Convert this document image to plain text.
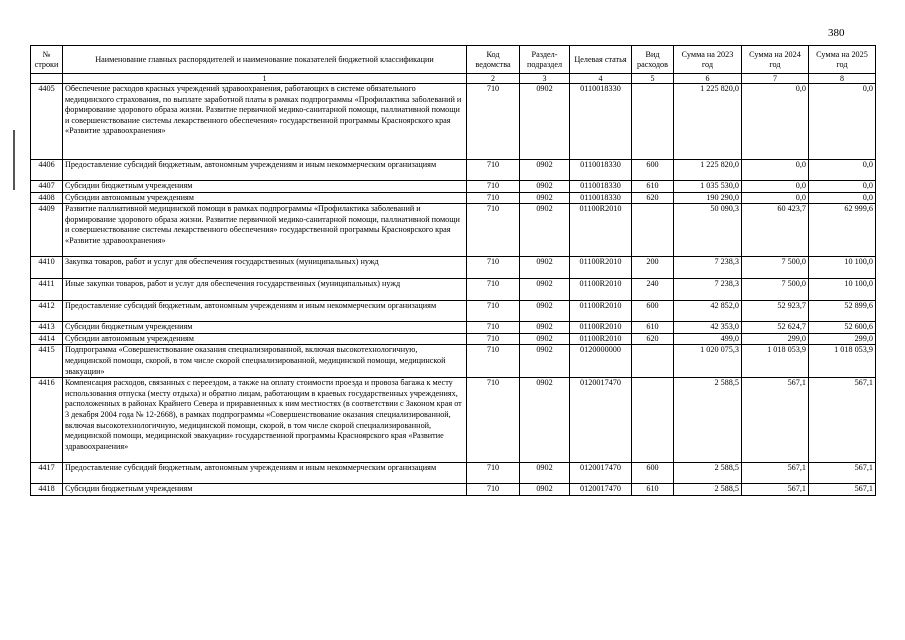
380
№ строки	Наименование главных распорядителей и наименование показателей бюджетной классификации	Код ведомства	Раздел-подраздел	Целевая статья	Вид расходов	Сумма на 2023 год	Сумма на 2024 год	Сумма на 2025 год
	1	2	3	4	5	6	7	8
4405	Обеспечение расходов красных учреждений здравоохранения, работающих в системе обязательного медицинского страхования, по выплате заработной платы в рамках подпрограммы «Профилактика заболеваний и формирование здорового образа жизни. Развитие первичной медико-санитарной помощи, паллиативной помощи и совершенствование системы лекарственного обеспечения» государственной программы Красноярского края «Развитие здравоохранения»	710	0902	0110018330		1 225 820,0	0,0	0,0
4406	Предоставление субсидий бюджетным, автономным учреждениям и иным некоммерческим организациям	710	0902	0110018330	600	1 225 820,0	0,0	0,0
4407	Субсидии бюджетным учреждениям	710	0902	0110018330	610	1 035 530,0	0,0	0,0
4408	Субсидии автономным учреждениям	710	0902	0110018330	620	190 290,0	0,0	0,0
4409	Развитие паллиативной медицинской помощи в рамках подпрограммы «Профилактика заболеваний и формирование здорового образа жизни. Развитие первичной медико-санитарной помощи, паллиативной помощи и совершенствование системы лекарственного обеспечения» государственной программы Красноярского края «Развитие здравоохранения»	710	0902	01100R2010		50 090,3	60 423,7	62 999,6
4410	Закупка товаров, работ и услуг для обеспечения государственных (муниципальных) нужд	710	0902	01100R2010	200	7 238,3	7 500,0	10 100,0
4411	Иные закупки товаров, работ и услуг для обеспечения государственных (муниципальных) нужд	710	0902	01100R2010	240	7 238,3	7 500,0	10 100,0
4412	Предоставление субсидий бюджетным, автономным учреждениям и иным некоммерческим организациям	710	0902	01100R2010	600	42 852,0	52 923,7	52 899,6
4413	Субсидии бюджетным учреждениям	710	0902	01100R2010	610	42 353,0	52 624,7	52 600,6
4414	Субсидии автономным учреждениям	710	0902	01100R2010	620	499,0	299,0	299,0
4415	Подпрограмма «Совершенствование оказания специализированной, включая высокотехнологичную, медицинской помощи, скорой, в том числе скорой специализированной, медицинской помощи, медицинской эвакуации»	710	0902	0120000000		1 020 075,3	1 018 053,9	1 018 053,9
4416	Компенсация расходов, связанных с переездом, а также на оплату стоимости проезда и провоза багажа к месту использования отпуска (месту отдыха) и обратно лицам, работающим в краевых государственных учреждениях, расположенных в районах Крайнего Севера и приравненных к ним местностях (в соответствии с Законом края от 3 декабря 2004 года № 12-2668), в рамках подпрограммы «Совершенствование оказания специализированной, включая высокотехнологичную, медицинской помощи, скорой, в том числе скорой специализированной, медицинской помощи, медицинской эвакуации» государственной программы Красноярского края «Развитие здравоохранения»	710	0902	0120017470		2 588,5	567,1	567,1
4417	Предоставление субсидий бюджетным, автономным учреждениям и иным некоммерческим организациям	710	0902	0120017470	600	2 588,5	567,1	567,1
4418	Субсидии бюджетным учреждениям	710	0902	0120017470	610	2 588,5	567,1	567,1
